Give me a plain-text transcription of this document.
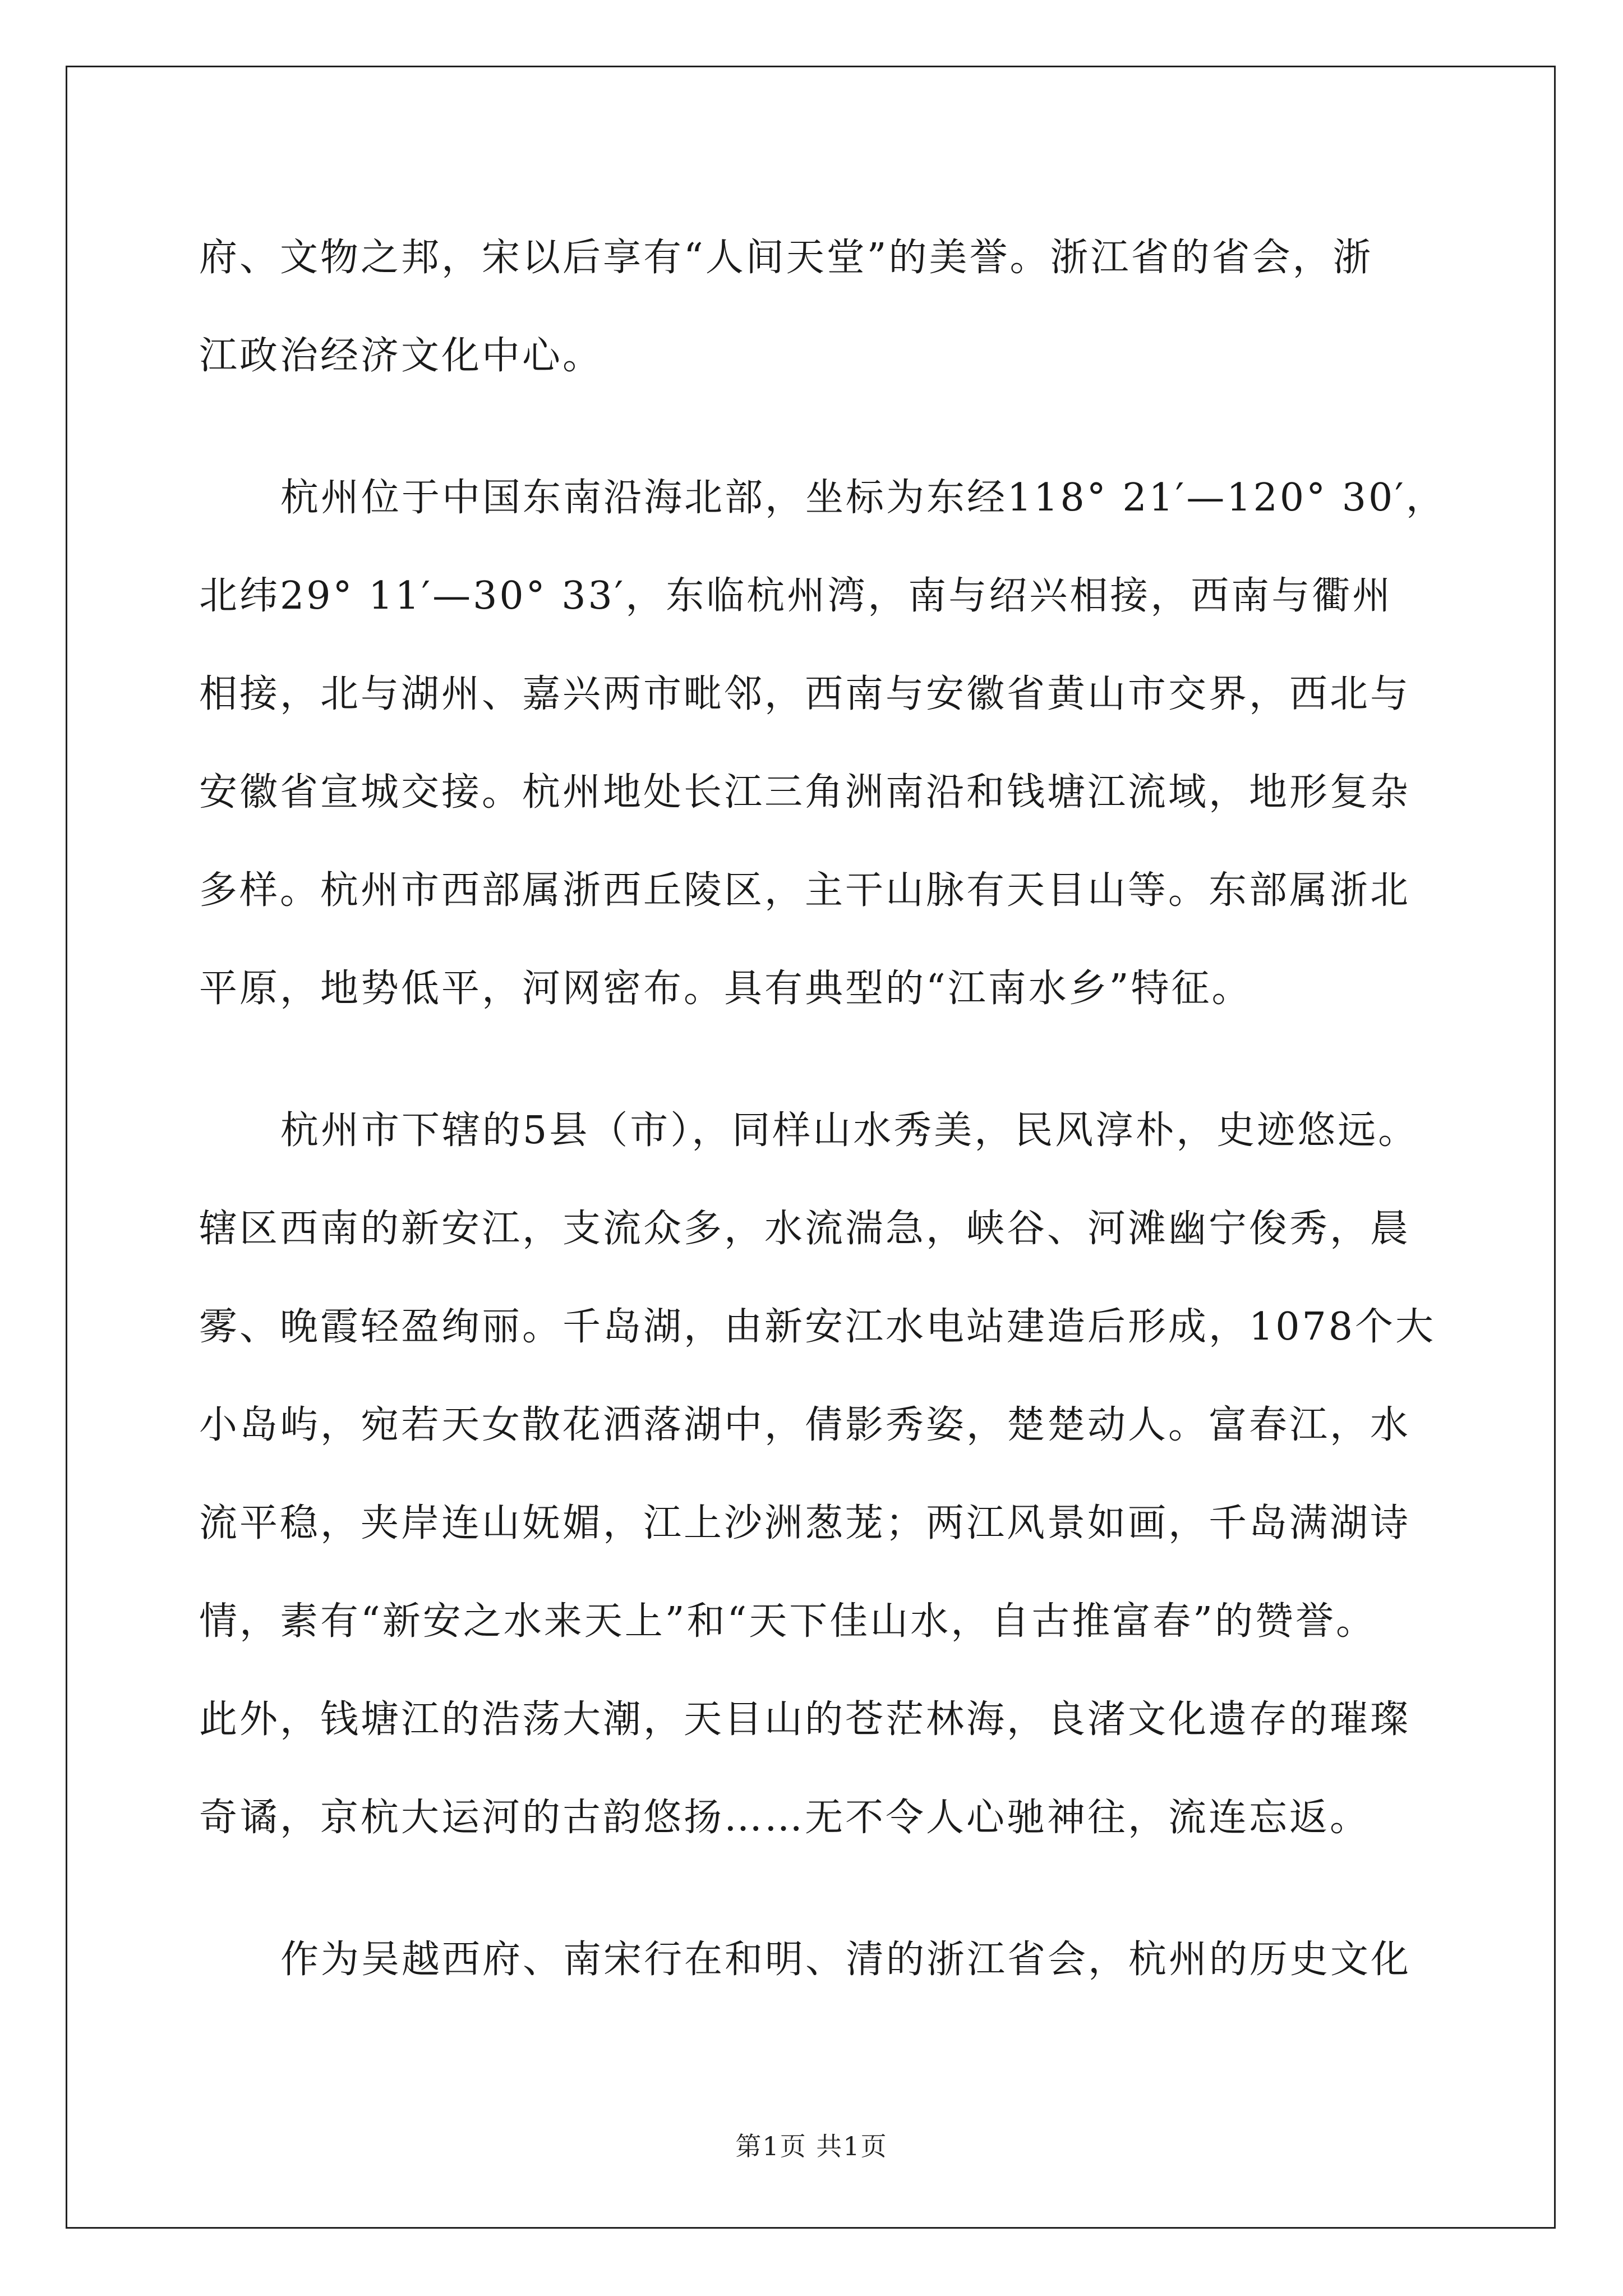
府、文物之邦，宋以后享有“人间天堂”的美誉。浙江省的省会，浙
江政治经济文化中心。
杭州位于中国东南沿海北部，坐标为东经118° 21′—120° 30′，
北纬29° 11′—30° 33′，东临杭州湾，南与绍兴相接，西南与衢州
相接，北与湖州、嘉兴两市毗邻，西南与安徽省黄山市交界，西北与
安徽省宣城交接。杭州地处长江三角洲南沿和钱塘江流域，地形复杂
多样。杭州市西部属浙西丘陵区，主干山脉有天目山等。东部属浙北
平原，地势低平，河网密布。具有典型的“江南水乡”特征。
杭州市下辖的5县（市），同样山水秀美，民风淳朴，史迹悠远。
辖区西南的新安江，支流众多，水流湍急，峡谷、河滩幽宁俊秀，晨
雾、晚霞轻盈绚丽。千岛湖，由新安江水电站建造后形成，1078个大
小岛屿，宛若天女散花洒落湖中，倩影秀姿，楚楚动人。富春江，水
流平稳，夹岸连山妩媚，江上沙洲葱茏；两江风景如画，千岛满湖诗
情，素有“新安之水来天上”和“天下佳山水，自古推富春”的赞誉。
此外，钱塘江的浩荡大潮，天目山的苍茫林海，良渚文化遗存的璀璨
奇谲，京杭大运河的古韵悠扬……无不令人心驰神往，流连忘返。
作为吴越西府、南宋行在和明、清的浙江省会，杭州的历史文化
第1页 共1页
